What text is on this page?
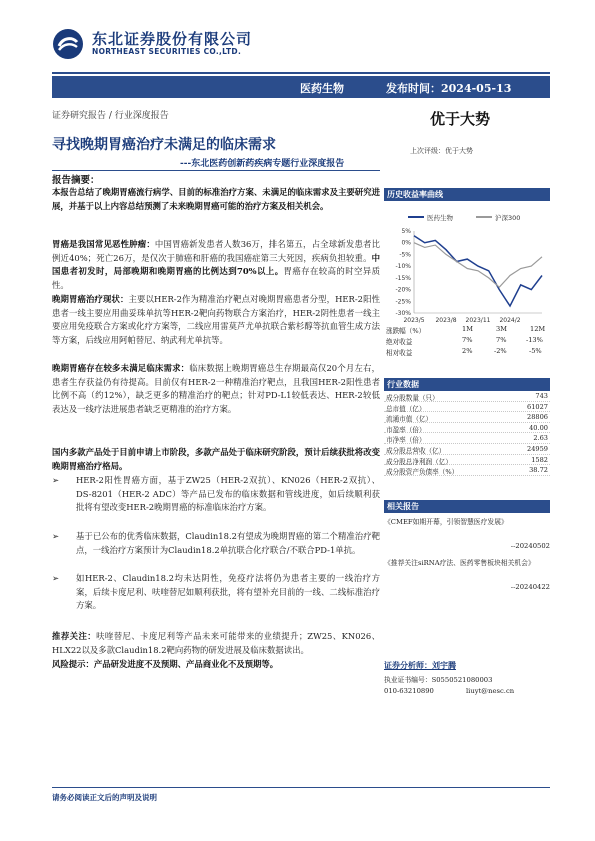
东北证券股份有限公司
NORTHEAST SECURITIES CO.,LTD.
医药生物	发布时间：2024-05-13
证券研究报告 / 行业深度报告	优于大势
上次评级：优于大势
寻找晚期胃癌治疗未满足的临床需求
---东北医药创新药疾病专题行业深度报告
报告摘要：
本报告总结了晚期胃癌流行病学、目前的标准治疗方案、未满足的临床需求及主要研究进展，并基于以上内容总结预测了未来晚期胃癌可能的治疗方案及相关机会。
胃癌是我国常见恶性肿瘤：中国胃癌新发患者人数36万，排名第五，占全球新发患者比例近40%；死亡26万，是仅次于肺癌和肝癌的我国癌症第三大死因，疾病负担较重。中国患者初发时，局部晚期和晚期胃癌的比例达到70%以上。胃癌存在较高的时空异质性。
晚期胃癌治疗现状：主要以HER-2作为精准治疗靶点对晚期胃癌患者分型，HER-2阳性患者一线主要应用曲妥珠单抗等HER-2靶向药物联合方案治疗，HER-2阴性患者一线主要应用免疫联合方案或化疗方案等，二线应用雷莫芦尤单抗联合紫杉醇等抗血管生成方法等方案，后线应用阿帕替尼、纳武利尤单抗等。
晚期胃癌存在较多未满足临床需求：临床数据上晚期胃癌总生存期最高仅20个月左右，患者生存获益仍有待提高。目前仅有HER-2一种精准治疗靶点，且我国HER-2阳性患者比例不高（约12%），缺乏更多的精准治疗的靶点；针对PD-L1较低表达、HER-2较低表达及一线疗法进展患者缺乏更精准的治疗方案。
国内多款产品处于目前申请上市阶段，多款产品处于临床研究阶段，预计后续获批将改变晚期胃癌治疗格局。
➢	HER-2阳性胃癌方面，基于ZW25（HER-2双抗）、KN026（HER-2双抗）、DS-8201（HER-2 ADC）等产品已发布的临床数据和管线进度，如后续顺利获批将有望改变HER-2晚期胃癌的标准临床治疗方案。
➢	基于已公布的优秀临床数据，Claudin18.2有望成为晚期胃癌的第二个精准治疗靶点，一线治疗方案预计为Claudin18.2单抗联合化疗联合/不联合PD-1单抗。
➢	如HER-2、Claudin18.2均未达阴性，免疫疗法将仍为患者主要的一线治疗方案，后续卡度尼利、呋喹替尼如顺利获批，将有望补充目前的一线、二线标准治疗方案。
推荐关注：呋喹替尼、卡度尼利等产品未来可能带来的业绩提升；ZW25、KN026、HLX22以及多款Claudin18.2靶向药物的研发进展及临床数据读出。
风险提示：产品研发进度不及预期、产品商业化不及预期等。
历史收益率曲线
医药生物	沪深300
5%
0%
-5%
-10%
-15%
-20%
-25%
-30%
2023/5 2023/8 2023/11 2024/2
涨跌幅（%）	1M	3M	12M
绝对收益	7%	7%	-13%
相对收益	2%	-2%	-5%
行业数据
成分股数量（只）	743
总市值（亿）	61027
流通市值（亿）	28806
市盈率（倍）	40.00
市净率（倍）	2.63
成分股总营收（亿）	24959
成分股总净利润（亿）	1582
成分股资产负债率（%）	38.72
相关报告
《CMEF如期开幕，引领智慧医疗发展》
--20240502
《推荐关注siRNA疗法、医药零售板块相关机会》
--20240422
证券分析师：刘宇腾
执业证书编号：S0550521080003
010-63210890	liuyt@nesc.cn
请务必阅读正文后的声明及说明
